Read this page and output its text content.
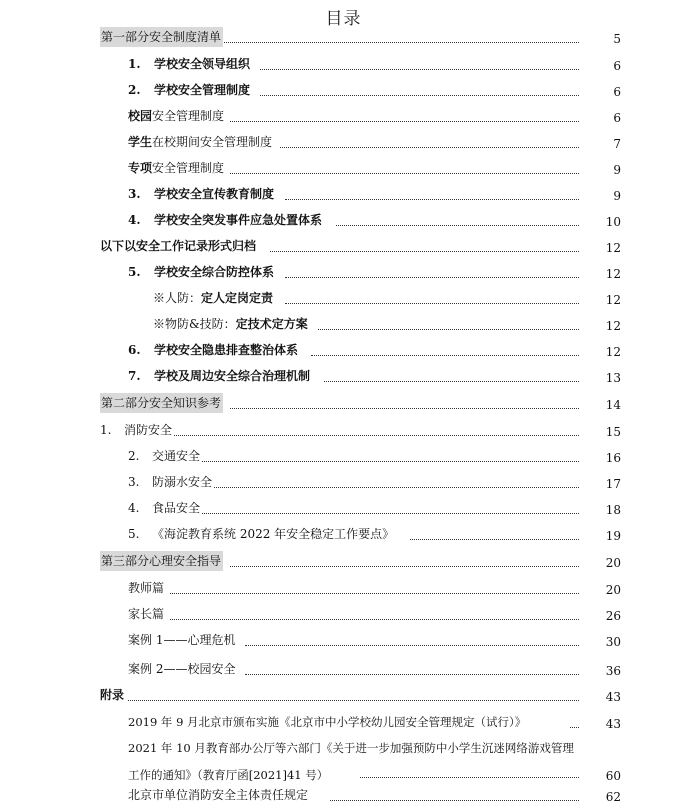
目录
第一部分安全制度清单	5
1. 学校安全领导组织	6
2. 学校安全管理制度	6
校园安全管理制度	6
学生在校期间安全管理制度	7
专项安全管理制度	9
3. 学校安全宣传教育制度	9
4. 学校安全突发事件应急处置体系	10
以下以安全工作记录形式归档	12
5. 学校安全综合防控体系	12
※人防：定人定岗定责	12
※物防&技防：定技术定方案	12
6. 学校安全隐患排查整治体系	12
7. 学校及周边安全综合治理机制	13
第二部分安全知识参考	14
1. 消防安全	15
2. 交通安全	16
3. 防溺水安全	17
4. 食品安全	18
5. 《海淀教育系统 2022 年安全稳定工作要点》	19
第三部分心理安全指导	20
教师篇	20
家长篇	26
案例 1——心理危机	30
案例 2——校园安全	36
附录	43
2019 年 9 月北京市颁布实施《北京市中小学校幼儿园安全管理规定（试行）》	43
2021 年 10 月教育部办公厅等六部门《关于进一步加强预防中小学生沉迷网络游戏管理
工作的通知》（教育厅函[2021]41 号）	60
北京市单位消防安全主体责任规定	62
